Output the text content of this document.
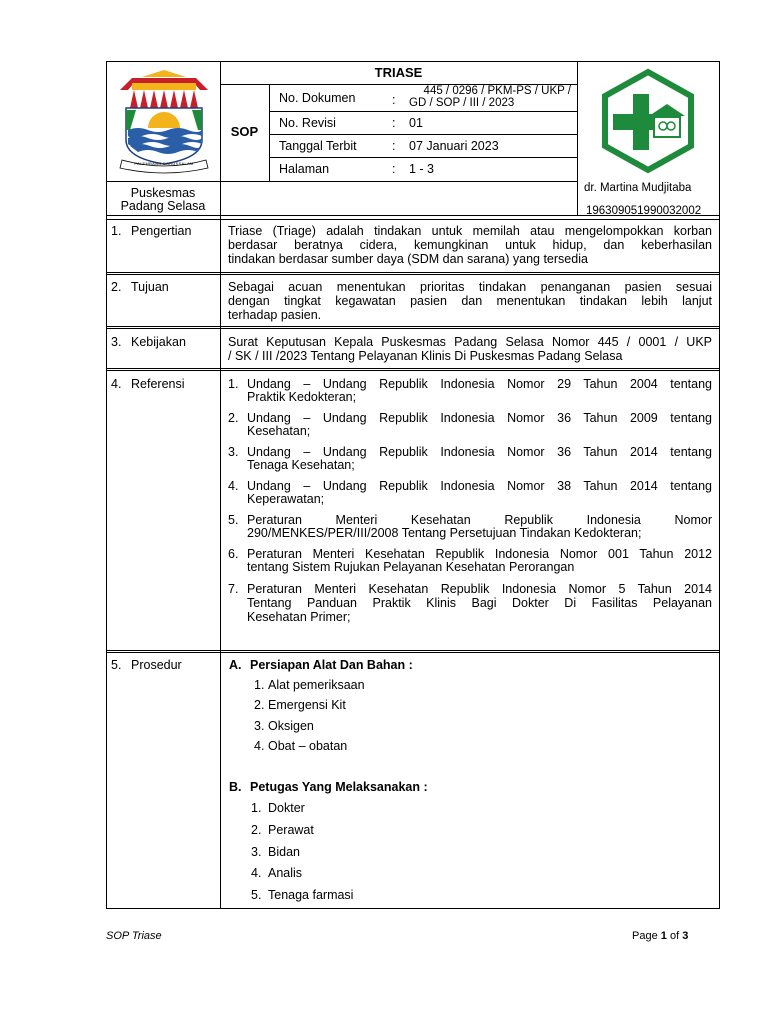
PALEMBANG DARUSSALAM
TRIASE
SOP
No. Dokumen	:
445 / 0296 / PKM-PS / UKP /
GD / SOP / III / 2023
No. Revisi	: 01
Tanggal Terbit	: 07 Januari 2023
Halaman	: 1 - 3
Puskesmas
Padang Selasa
dr. Martina Mudjitaba
196309051990032002
1. Pengertian	Triase (Triage) adalah tindakan untuk memilah atau mengelompokkan korban
berdasar beratnya cidera, kemungkinan untuk hidup, dan keberhasilan
tindakan berdasar sumber daya (SDM dan sarana) yang tersedia
2. Tujuan	Sebagai acuan menentukan prioritas tindakan penanganan pasien sesuai
dengan tingkat kegawatan pasien dan menentukan tindakan lebih lanjut
terhadap pasien.
3. Kebijakan	Surat Keputusan Kepala Puskesmas Padang Selasa Nomor 445 / 0001 / UKP
/ SK / III /2023 Tentang Pelayanan Klinis Di Puskesmas Padang Selasa
4. Referensi	1. Undang – Undang Republik Indonesia Nomor 29 Tahun 2004 tentang
Praktik Kedokteran;
2. Undang – Undang Republik Indonesia Nomor 36 Tahun 2009 tentang
Kesehatan;
3. Undang – Undang Republik Indonesia Nomor 36 Tahun 2014 tentang
Tenaga Kesehatan;
4. Undang – Undang Republik Indonesia Nomor 38 Tahun 2014 tentang
Keperawatan;
5. Peraturan Menteri Kesehatan Republik Indonesia Nomor
290/MENKES/PER/III/2008 Tentang Persetujuan Tindakan Kedokteran;
6. Peraturan Menteri Kesehatan Republik Indonesia Nomor 001 Tahun 2012
tentang Sistem Rujukan Pelayanan Kesehatan Perorangan
7. Peraturan Menteri Kesehatan Republik Indonesia Nomor 5 Tahun 2014
Tentang Panduan Praktik Klinis Bagi Dokter Di Fasilitas Pelayanan
Kesehatan Primer;
5. Prosedur	A. Persiapan Alat Dan Bahan :
1. Alat pemeriksaan
2. Emergensi Kit
3. Oksigen
4. Obat – obatan
B. Petugas Yang Melaksanakan :
1. Dokter
2. Perawat
3. Bidan
4. Analis
5. Tenaga farmasi
SOP Triase	Page 1 of 3
